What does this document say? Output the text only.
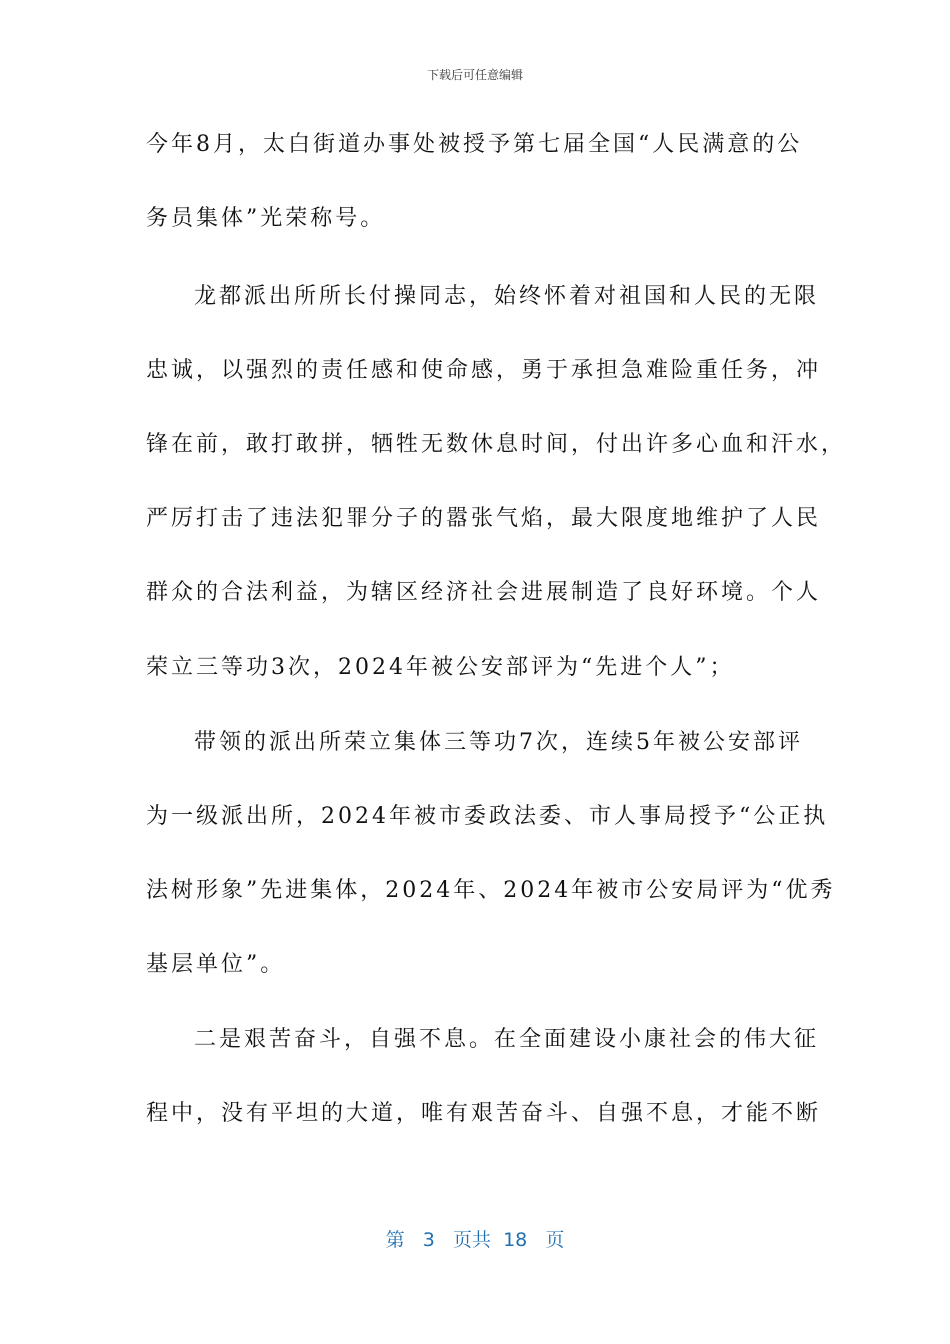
下载后可任意编辑
今年8月，太白街道办事处被授予第七届全国“人民满意的公
务员集体”光荣称号。
龙都派出所所长付操同志，始终怀着对祖国和人民的无限
忠诚，以强烈的责任感和使命感，勇于承担急难险重任务，冲
锋在前，敢打敢拼，牺牲无数休息时间，付出许多心血和汗水，
严厉打击了违法犯罪分子的嚣张气焰，最大限度地维护了人民
群众的合法利益，为辖区经济社会进展制造了良好环境。个人
荣立三等功3次，2024年被公安部评为“先进个人”；
带领的派出所荣立集体三等功7次，连续5年被公安部评
为一级派出所，2024年被市委政法委、市人事局授予“公正执
法树形象”先进集体，2024年、2024年被市公安局评为“优秀
基层单位”。
二是艰苦奋斗，自强不息。在全面建设小康社会的伟大征
程中，没有平坦的大道，唯有艰苦奋斗、自强不息，才能不断
第 3 页共 18 页
